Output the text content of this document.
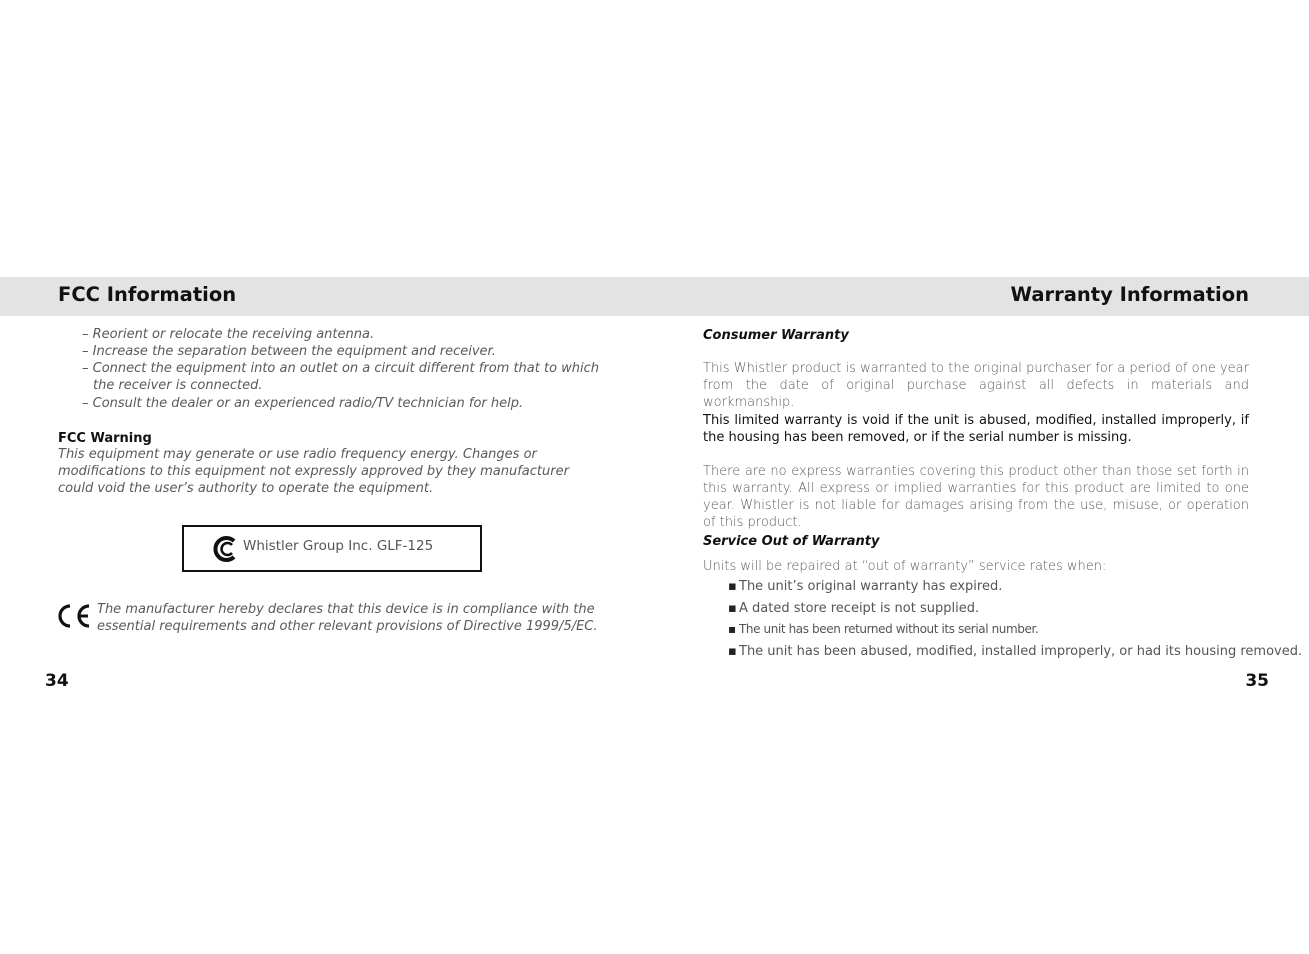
FCC Information	Warranty Information
– Reorient or relocate the receiving antenna.
– Increase the separation between the equipment and receiver.
– Connect the equipment into an outlet on a circuit different from that to which the receiver is connected.
– Consult the dealer or an experienced radio/TV technician for help.
FCC Warning
This equipment may generate or use radio frequency energy. Changes or modifications to this equipment not expressly approved by they manufacturer could void the user’s authority to operate the equipment.
Whistler Group Inc. GLF-125
The manufacturer hereby declares that this device is in compliance with the essential requirements and other relevant provisions of Directive 1999/5/EC.
34
Consumer Warranty
This Whistler product is warranted to the original purchaser for a period of one year from the date of original purchase against all defects in materials and workmanship.
This limited warranty is void if the unit is abused, modified, installed improperly, if the housing has been removed, or if the serial number is missing.
There are no express warranties covering this product other than those set forth in this warranty. All express or implied warranties for this product are limited to one year. Whistler is not liable for damages arising from the use, misuse, or operation of this product.
Service Out of Warranty
Units will be repaired at “out of warranty” service rates when:
▪ The unit’s original warranty has expired.
▪ A dated store receipt is not supplied.
▪ The unit has been returned without its serial number.
▪ The unit has been abused, modified, installed improperly, or had its housing removed.
35
